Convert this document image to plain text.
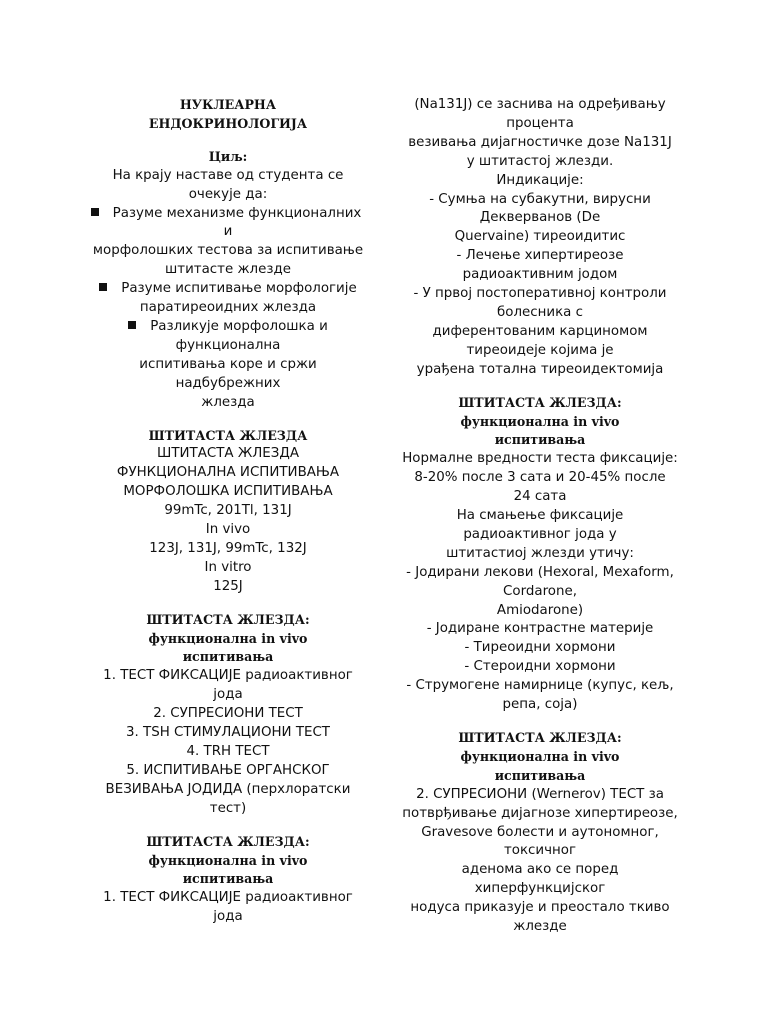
НУКЛЕАРНА
ЕНДОКРИНОЛОГИЈА
Циљ:
На крају наставе од студента се
очекује да:
Разуме механизме функционалних
и
морфолошких тестова за испитивање
штитасте жлезде
Разуме испитивање морфологије
паратиреоидних жлезда
Разликује морфолошка и
функционална
испитивања коре и сржи
надбубрежних
жлезда
ШТИТАСТА ЖЛЕЗДА
ШТИТАСТА ЖЛЕЗДА
ФУНКЦИОНАЛНА ИСПИТИВАЊА
МОРФОЛОШКА ИСПИТИВАЊА
99mTc, 201Tl, 131J
In vivo
123J, 131J, 99mTc, 132J
In vitro
125J
ШТИТАСТА ЖЛЕЗДА:
функционална in vivo
испитивања
1. ТЕСТ ФИКСАЦИЈЕ радиоактивног
јода
2. СУПРЕСИОНИ ТЕСТ
3. TSH СТИМУЛАЦИОНИ ТЕСТ
4. TRH ТЕСТ
5. ИСПИТИВАЊЕ ОРГАНСКОГ
ВЕЗИВАЊА ЈОДИДА (перхлоратски
тест)
ШТИТАСТА ЖЛЕЗДА:
функционална in vivo
испитивања
1. ТЕСТ ФИКСАЦИЈЕ радиоактивног
јода
(Na131J) се заснива на одређивању
процента
везивања дијагностичке дозе Na131J
у штитастој жлезди.
Индикације:
- Сумња на субакутни, вирусни
Декверванов (De
Quervaine) тиреоидитис
- Лечење хипертиреозе
радиоактивним јодом
- У првој постоперативној контроли
болесника с
диферентованим карциномом
тиреоидеје којима је
урађена тотална тиреоидектомија
ШТИТАСТА ЖЛЕЗДА:
функционална in vivo
испитивања
Нормалне вредности теста фиксације:
8-20% после 3 сата и 20-45% после
24 сата
На смањење фиксације
радиоактивног јода у
штитастиој жлезди утичу:
- Јодирани лекови (Hexoral, Mexaform,
Cordarone,
Amiodarone)
- Јодиране контрастне материје
- Тиреоидни хормони
- Стероидни хормони
- Струмогене намирнице (купус, кељ,
репа, соја)
ШТИТАСТА ЖЛЕЗДА:
функционална in vivo
испитивања
2. СУПРЕСИОНИ (Wernerov) ТЕСТ за
потврђивање дијагнозе хипертиреозе,
Gravesove болести и аутономног,
токсичног
аденома ако се поред
хиперфункцијског
нодуса приказује и преостало ткиво
жлезде
